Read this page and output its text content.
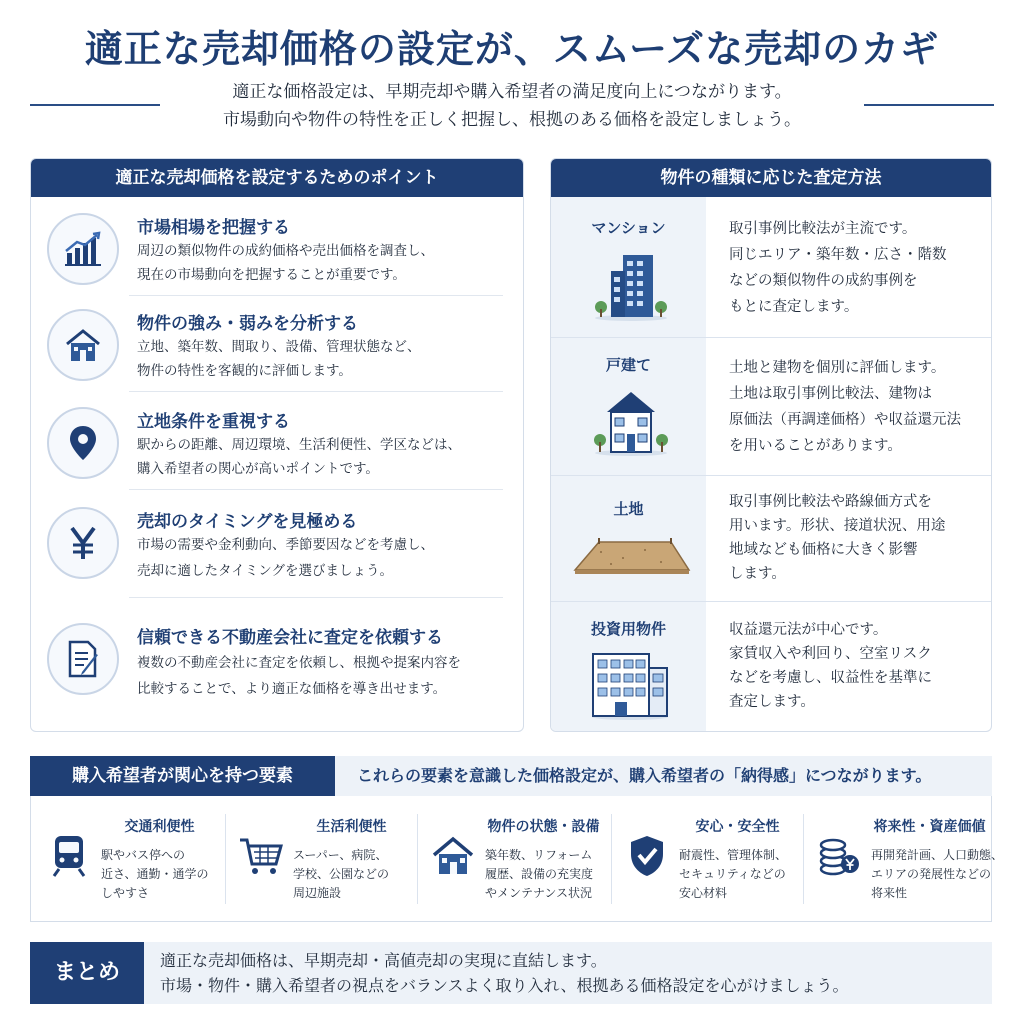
適正な売却価格の設定が、スムーズな売却のカギ
適正な価格設定は、早期売却や購入希望者の満足度向上につながります。
市場動向や物件の特性を正しく把握し、根拠のある価格を設定しましょう。
適正な売却価格を設定するためのポイント
市場相場を把握する
周辺の類似物件の成約価格や売出価格を調査し、
現在の市場動向を把握することが重要です。
物件の強み・弱みを分析する
立地、築年数、間取り、設備、管理状態など、
物件の特性を客観的に評価します。
立地条件を重視する
駅からの距離、周辺環境、生活利便性、学区などは、
購入希望者の関心が高いポイントです。
売却のタイミングを見極める
市場の需要や金利動向、季節要因などを考慮し、
売却に適したタイミングを選びましょう。
信頼できる不動産会社に査定を依頼する
複数の不動産会社に査定を依頼し、根拠や提案内容を
比較することで、より適正な価格を導き出せます。
物件の種類に応じた査定方法
マンション	取引事例比較法が主流です。
同じエリア・築年数・広さ・階数
などの類似物件の成約事例を
もとに査定します。
戸建て	土地と建物を個別に評価します。
土地は取引事例比較法、建物は
原価法（再調達価格）や収益還元法
を用いることがあります。
土地	取引事例比較法や路線価方式を
用います。形状、接道状況、用途
地域なども価格に大きく影響
します。
投資用物件	収益還元法が中心です。
家賃収入や利回り、空室リスク
などを考慮し、収益性を基準に
査定します。
購入希望者が関心を持つ要素	これらの要素を意識した価格設定が、購入希望者の「納得感」につながります。
交通利便性
駅やバス停への
近さ、通勤・通学の
しやすさ
生活利便性
スーパー、病院、
学校、公園などの
周辺施設
物件の状態・設備
築年数、リフォーム
履歴、設備の充実度
やメンテナンス状況
安心・安全性
耐震性、管理体制、
セキュリティなどの
安心材料
将来性・資産価値
再開発計画、人口動態、
エリアの発展性などの
将来性
まとめ	適正な売却価格は、早期売却・高値売却の実現に直結します。
市場・物件・購入希望者の視点をバランスよく取り入れ、根拠ある価格設定を心がけましょう。
